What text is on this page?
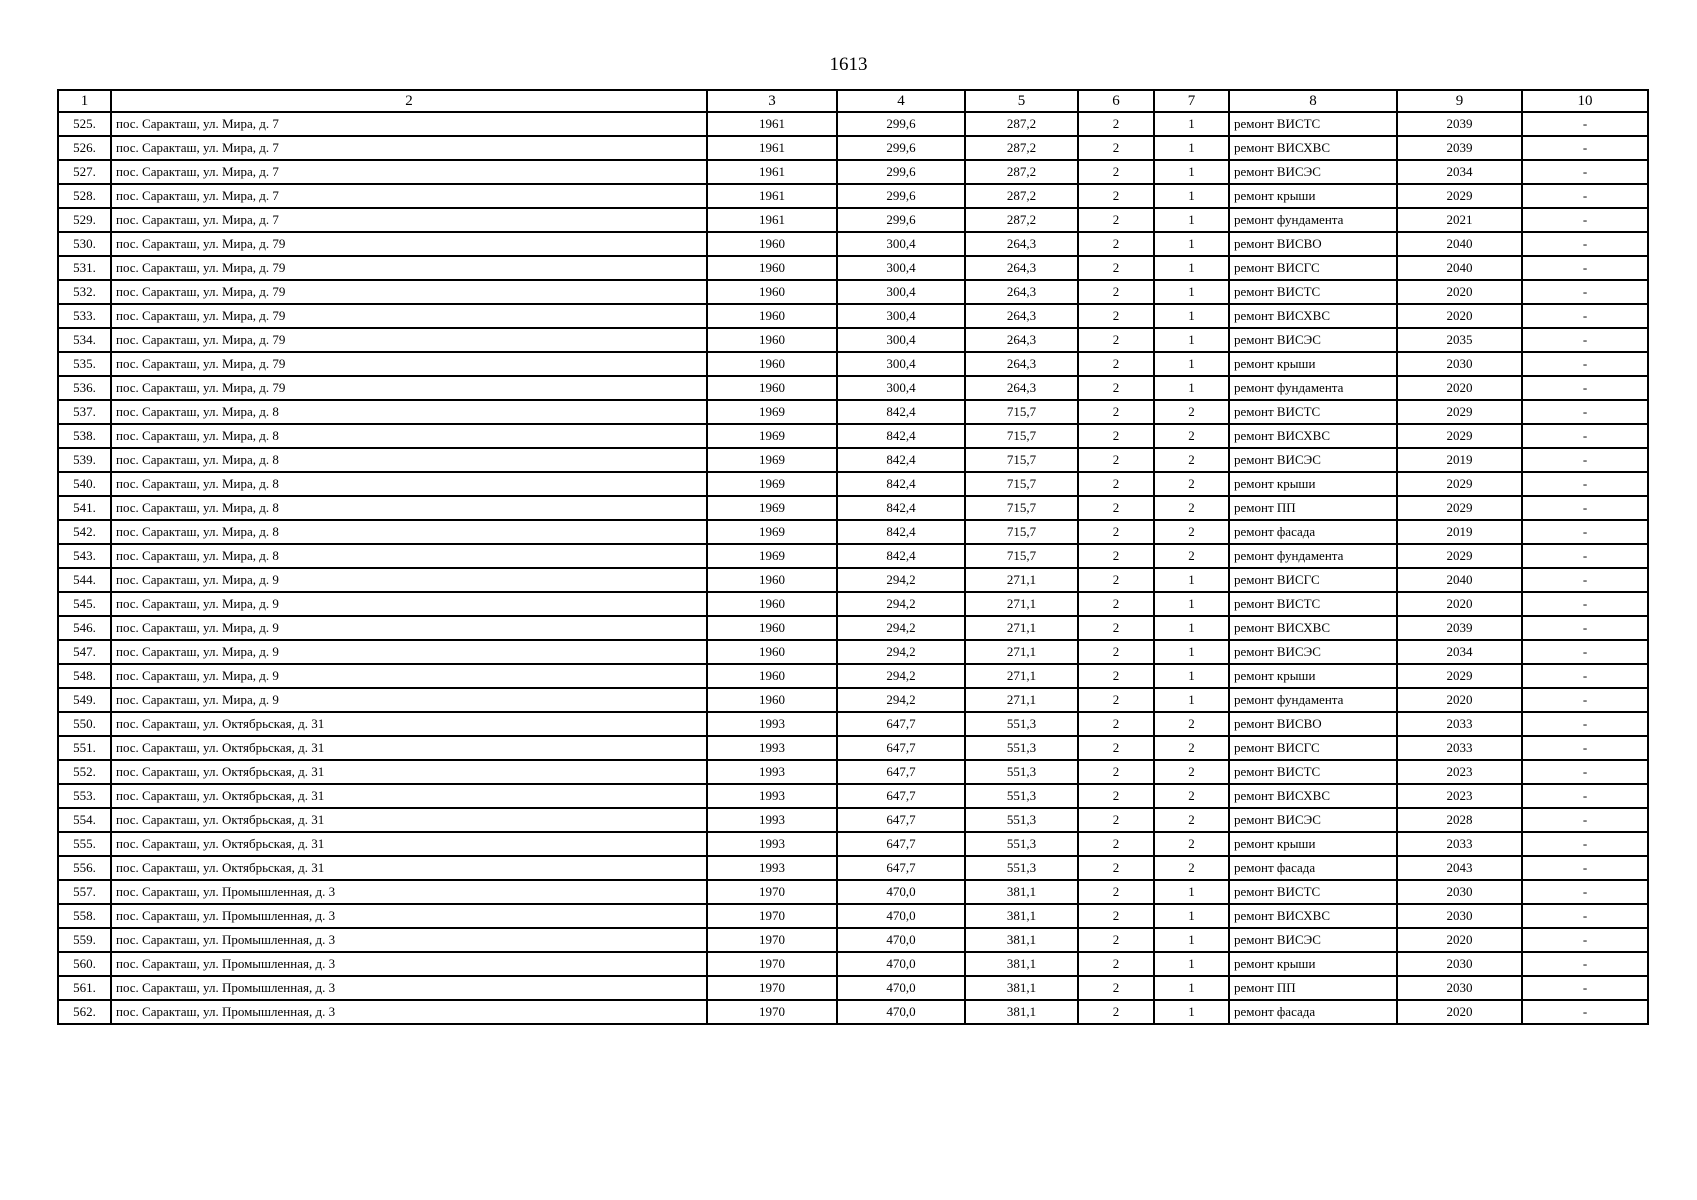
1613
1	2	3	4	5	6	7	8	9	10
525.	пос. Саракташ, ул. Мира, д. 7	1961	299,6	287,2	2	1	ремонт ВИСТС	2039	-
526.	пос. Саракташ, ул. Мира, д. 7	1961	299,6	287,2	2	1	ремонт ВИСХВС	2039	-
527.	пос. Саракташ, ул. Мира, д. 7	1961	299,6	287,2	2	1	ремонт ВИСЭС	2034	-
528.	пос. Саракташ, ул. Мира, д. 7	1961	299,6	287,2	2	1	ремонт крыши	2029	-
529.	пос. Саракташ, ул. Мира, д. 7	1961	299,6	287,2	2	1	ремонт фундамента	2021	-
530.	пос. Саракташ, ул. Мира, д. 79	1960	300,4	264,3	2	1	ремонт ВИСВО	2040	-
531.	пос. Саракташ, ул. Мира, д. 79	1960	300,4	264,3	2	1	ремонт ВИСГС	2040	-
532.	пос. Саракташ, ул. Мира, д. 79	1960	300,4	264,3	2	1	ремонт ВИСТС	2020	-
533.	пос. Саракташ, ул. Мира, д. 79	1960	300,4	264,3	2	1	ремонт ВИСХВС	2020	-
534.	пос. Саракташ, ул. Мира, д. 79	1960	300,4	264,3	2	1	ремонт ВИСЭС	2035	-
535.	пос. Саракташ, ул. Мира, д. 79	1960	300,4	264,3	2	1	ремонт крыши	2030	-
536.	пос. Саракташ, ул. Мира, д. 79	1960	300,4	264,3	2	1	ремонт фундамента	2020	-
537.	пос. Саракташ, ул. Мира, д. 8	1969	842,4	715,7	2	2	ремонт ВИСТС	2029	-
538.	пос. Саракташ, ул. Мира, д. 8	1969	842,4	715,7	2	2	ремонт ВИСХВС	2029	-
539.	пос. Саракташ, ул. Мира, д. 8	1969	842,4	715,7	2	2	ремонт ВИСЭС	2019	-
540.	пос. Саракташ, ул. Мира, д. 8	1969	842,4	715,7	2	2	ремонт крыши	2029	-
541.	пос. Саракташ, ул. Мира, д. 8	1969	842,4	715,7	2	2	ремонт ПП	2029	-
542.	пос. Саракташ, ул. Мира, д. 8	1969	842,4	715,7	2	2	ремонт фасада	2019	-
543.	пос. Саракташ, ул. Мира, д. 8	1969	842,4	715,7	2	2	ремонт фундамента	2029	-
544.	пос. Саракташ, ул. Мира, д. 9	1960	294,2	271,1	2	1	ремонт ВИСГС	2040	-
545.	пос. Саракташ, ул. Мира, д. 9	1960	294,2	271,1	2	1	ремонт ВИСТС	2020	-
546.	пос. Саракташ, ул. Мира, д. 9	1960	294,2	271,1	2	1	ремонт ВИСХВС	2039	-
547.	пос. Саракташ, ул. Мира, д. 9	1960	294,2	271,1	2	1	ремонт ВИСЭС	2034	-
548.	пос. Саракташ, ул. Мира, д. 9	1960	294,2	271,1	2	1	ремонт крыши	2029	-
549.	пос. Саракташ, ул. Мира, д. 9	1960	294,2	271,1	2	1	ремонт фундамента	2020	-
550.	пос. Саракташ, ул. Октябрьская, д. 31	1993	647,7	551,3	2	2	ремонт ВИСВО	2033	-
551.	пос. Саракташ, ул. Октябрьская, д. 31	1993	647,7	551,3	2	2	ремонт ВИСГС	2033	-
552.	пос. Саракташ, ул. Октябрьская, д. 31	1993	647,7	551,3	2	2	ремонт ВИСТС	2023	-
553.	пос. Саракташ, ул. Октябрьская, д. 31	1993	647,7	551,3	2	2	ремонт ВИСХВС	2023	-
554.	пос. Саракташ, ул. Октябрьская, д. 31	1993	647,7	551,3	2	2	ремонт ВИСЭС	2028	-
555.	пос. Саракташ, ул. Октябрьская, д. 31	1993	647,7	551,3	2	2	ремонт крыши	2033	-
556.	пос. Саракташ, ул. Октябрьская, д. 31	1993	647,7	551,3	2	2	ремонт фасада	2043	-
557.	пос. Саракташ, ул. Промышленная, д. 3	1970	470,0	381,1	2	1	ремонт ВИСТС	2030	-
558.	пос. Саракташ, ул. Промышленная, д. 3	1970	470,0	381,1	2	1	ремонт ВИСХВС	2030	-
559.	пос. Саракташ, ул. Промышленная, д. 3	1970	470,0	381,1	2	1	ремонт ВИСЭС	2020	-
560.	пос. Саракташ, ул. Промышленная, д. 3	1970	470,0	381,1	2	1	ремонт крыши	2030	-
561.	пос. Саракташ, ул. Промышленная, д. 3	1970	470,0	381,1	2	1	ремонт ПП	2030	-
562.	пос. Саракташ, ул. Промышленная, д. 3	1970	470,0	381,1	2	1	ремонт фасада	2020	-
